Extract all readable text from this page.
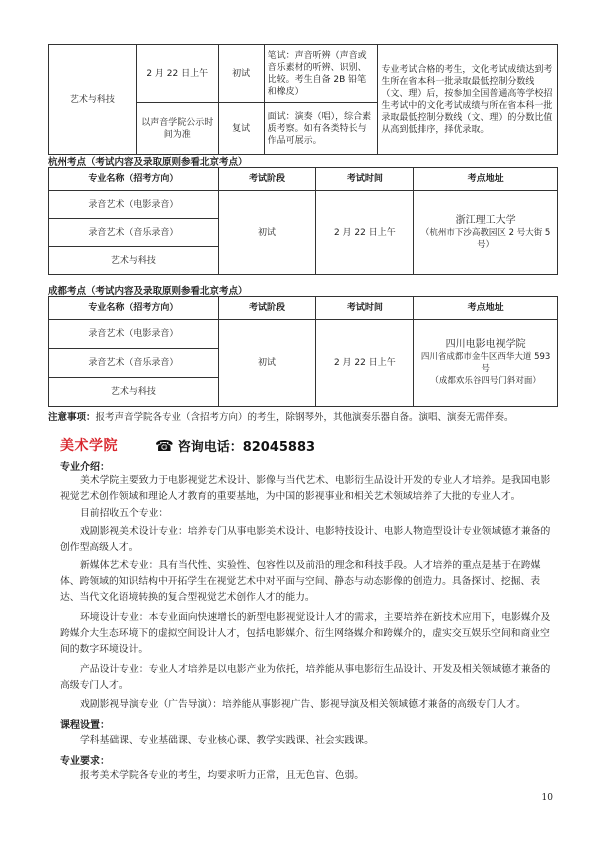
艺术与科技	2 月 22 日上午	初试	笔试：声音听辨（声音或音乐素材的听辨、识别、比较。考生自备 2B 铅笔和橡皮）	专业考试合格的考生，文化考试成绩达到考生所在省本科一批录取最低控制分数线（文、理）后，按参加全国普通高等学校招生考试中的文化考试成绩与所在省本科一批录取最低控制分数线（文、理）的分数比值从高到低排序，择优录取。
	以声音学院公示时间为准	复试	面试：演奏（唱），综合素质考察。如有各类特长与作品可展示。	
杭州考点（考试内容及录取原则参看北京考点）
专业名称（招考方向）	考试阶段	考试时间	考点地址
录音艺术（电影录音）	初试	2 月 22 日上午	浙江理工大学
（杭州市下沙高教园区 2 号大街 5 号）

录音艺术（音乐录音）			
艺术与科技			
成都考点（考试内容及录取原则参看北京考点）
专业名称（招考方向）	考试阶段	考试时间	考点地址
录音艺术（电影录音）	初试	2 月 22 日上午	四川电影电视学院
四川省成都市金牛区西华大道 593 号
（成都欢乐谷四号门斜对面）

录音艺术（音乐录音）			
艺术与科技			
注意事项：报考声音学院各专业（含招考方向）的考生，除钢琴外，其他演奏乐器自备。演唱、演奏无需伴奏。
美术学院 ☎ 咨询电话：82045883
专业介绍：
美术学院主要致力于电影视觉艺术设计、影像与当代艺术、电影衍生品设计开发的专业人才培养。是我国电影视觉艺术创作领域和理论人才教育的重要基地，为中国的影视事业和相关艺术领域培养了大批的专业人才。
目前招收五个专业：
戏剧影视美术设计专业：培养专门从事电影美术设计、电影特技设计、电影人物造型设计专业领域德才兼备的创作型高级人才。
新媒体艺术专业：具有当代性、实验性、包容性以及前沿的理念和科技手段。人才培养的重点是基于在跨媒体、跨领域的知识结构中开拓学生在视觉艺术中对平面与空间、静态与动态影像的创造力。具备探讨、挖掘、表达、当代文化语境转换的复合型视觉艺术创作人才的能力。
环境设计专业：本专业面向快速增长的新型电影视觉设计人才的需求，主要培养在新技术应用下，电影媒介及跨媒介大生态环境下的虚拟空间设计人才，包括电影媒介、衍生网络媒介和跨媒介的，虚实交互娱乐空间和商业空间的数字环境设计。
产品设计专业：专业人才培养是以电影产业为依托，培养能从事电影衍生品设计、开发及相关领域德才兼备的高级专门人才。
戏剧影视导演专业（广告导演）：培养能从事影视广告、影视导演及相关领域德才兼备的高级专门人才。
课程设置：
学科基础课、专业基础课、专业核心课、教学实践课、社会实践课。
专业要求：
报考美术学院各专业的考生，均要求听力正常，且无色盲、色弱。
10
